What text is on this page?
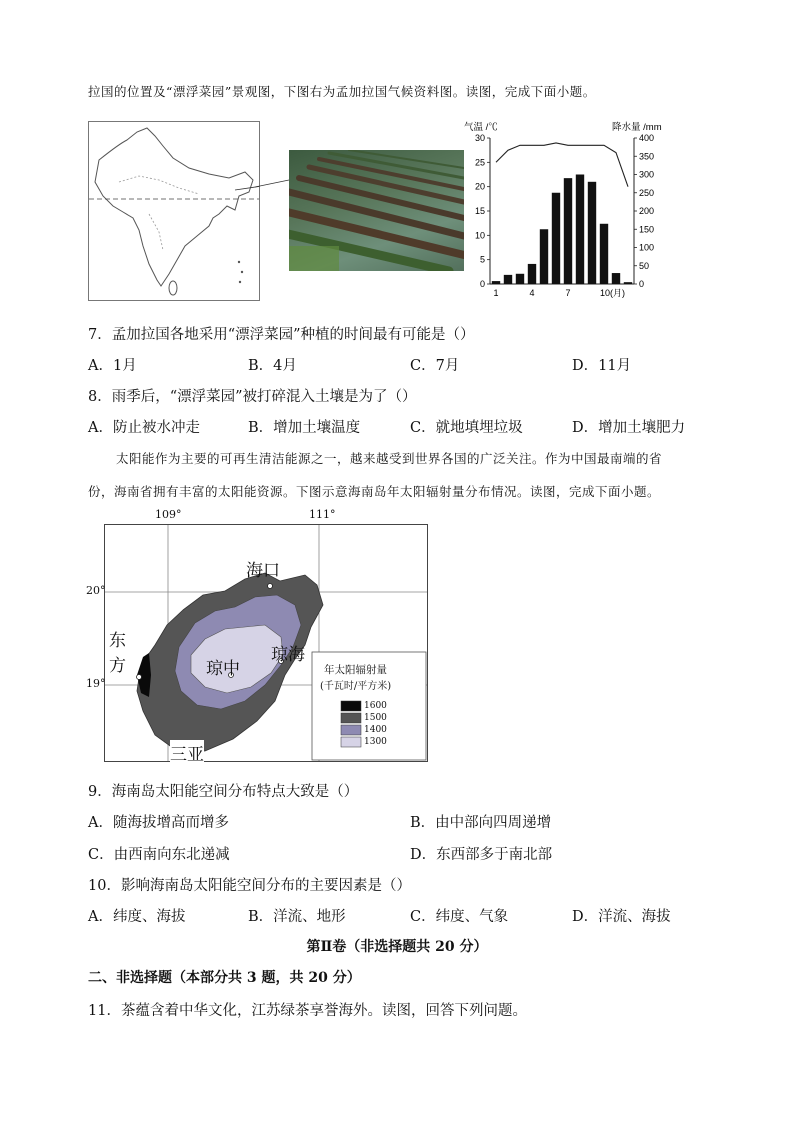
拉国的位置及“漂浮菜园”景观图，下图右为孟加拉国气候资料图。读图，完成下面小题。
气温 /℃	降水量 /mm
30
25
20
15
10
5
0
400
350
300
250
200
150
100
50
0
1	4	7	10(月)
7．孟加拉国各地采用“漂浮菜园”种植的时间最有可能是（）
A．1月	B．4月	C．7月	D．11月
8．雨季后，“漂浮菜园”被打碎混入土壤是为了（）
A．防止被水冲走	B．增加土壤温度	C．就地填埋垃圾	D．增加土壤肥力
太阳能作为主要的可再生清洁能源之一，越来越受到世界各国的广泛关注。作为中国最南端的省
份，海南省拥有丰富的太阳能资源。下图示意海南岛年太阳辐射量分布情况。读图，完成下面小题。
109°	111°
20°
19°
海口
东
方	琼中
琼海
三亚
年太阳辐射量
(千瓦时/平方米)
1600
1500
1400
1300
9．海南岛太阳能空间分布特点大致是（）
A．随海拔增高而增多	B．由中部向四周递增
C．由西南向东北递减	D．东西部多于南北部
10．影响海南岛太阳能空间分布的主要因素是（）
A．纬度、海拔	B．洋流、地形	C．纬度、气象	D．洋流、海拔
第Ⅱ卷（非选择题共 20 分）
二、非选择题（本部分共 3 题，共 20 分）
11．茶蕴含着中华文化，江苏绿茶享誉海外。读图，回答下列问题。
